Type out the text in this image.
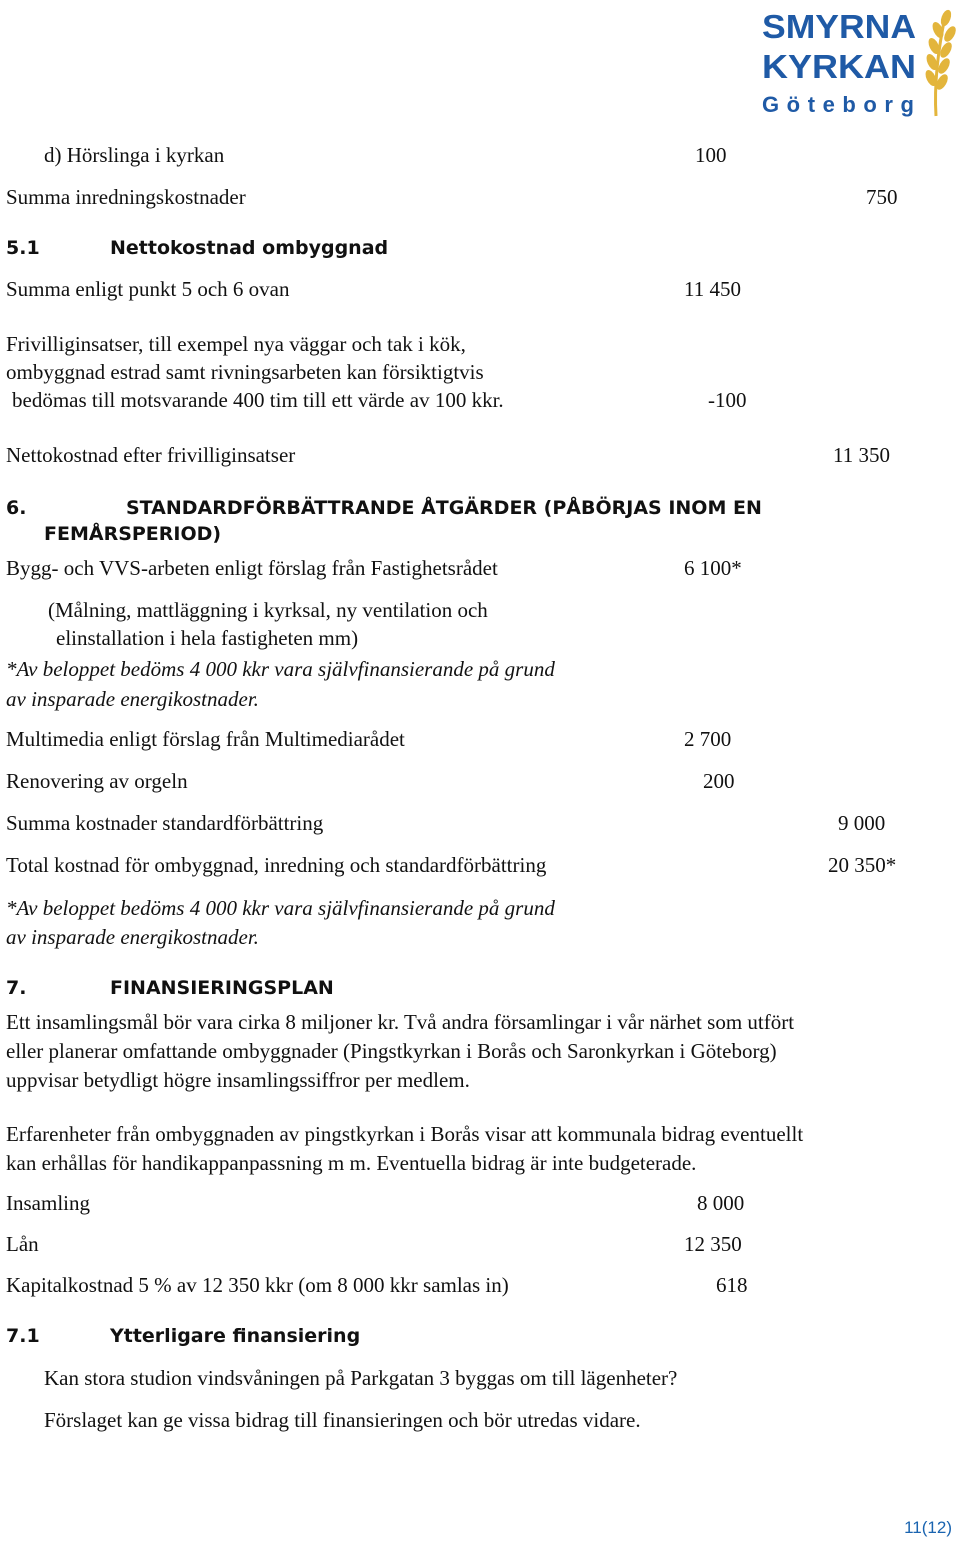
SMYRNA
KYRKAN
Göteborg
d) Hörslinga i kyrkan	100
Summa inredningskostnader	750
5.1	Nettokostnad ombyggnad
Summa enligt punkt 5 och 6 ovan	11 450
Frivilliginsatser, till exempel nya väggar och tak i kök,
ombyggnad estrad samt rivningsarbeten kan försiktigtvis
bedömas till motsvarande 400 tim till ett värde av 100 kkr.	-100
Nettokostnad efter frivilliginsatser	11 350
6.	STANDARDFÖRBÄTTRANDE ÅTGÄRDER (PÅBÖRJAS INOM EN
FEMÅRSPERIOD)
Bygg- och VVS-arbeten enligt förslag från Fastighetsrådet	6 100*
(Målning, mattläggning i kyrksal, ny ventilation och
elinstallation i hela fastigheten mm)
*Av beloppet bedöms 4 000 kkr vara självfinansierande på grund
av insparade energikostnader.
Multimedia enligt förslag från Multimediarådet	2 700
Renovering av orgeln	200
Summa kostnader standardförbättring	9 000
Total kostnad för ombyggnad, inredning och standardförbättring	20 350*
*Av beloppet bedöms 4 000 kkr vara självfinansierande på grund
av insparade energikostnader.
7.	FINANSIERINGSPLAN
Ett insamlingsmål bör vara cirka 8 miljoner kr. Två andra församlingar i vår närhet som utfört
eller planerar omfattande ombyggnader (Pingstkyrkan i Borås och Saronkyrkan i Göteborg)
uppvisar betydligt högre insamlingssiffror per medlem.
Erfarenheter från ombyggnaden av pingstkyrkan i Borås visar att kommunala bidrag eventuellt
kan erhållas för handikappanpassning m m. Eventuella bidrag är inte budgeterade.
Insamling	8 000
Lån	12 350
Kapitalkostnad 5 % av 12 350 kkr (om 8 000 kkr samlas in)	618
7.1	Ytterligare finansiering
Kan stora studion vindsvåningen på Parkgatan 3 byggas om till lägenheter?
Förslaget kan ge vissa bidrag till finansieringen och bör utredas vidare.
11(12)
